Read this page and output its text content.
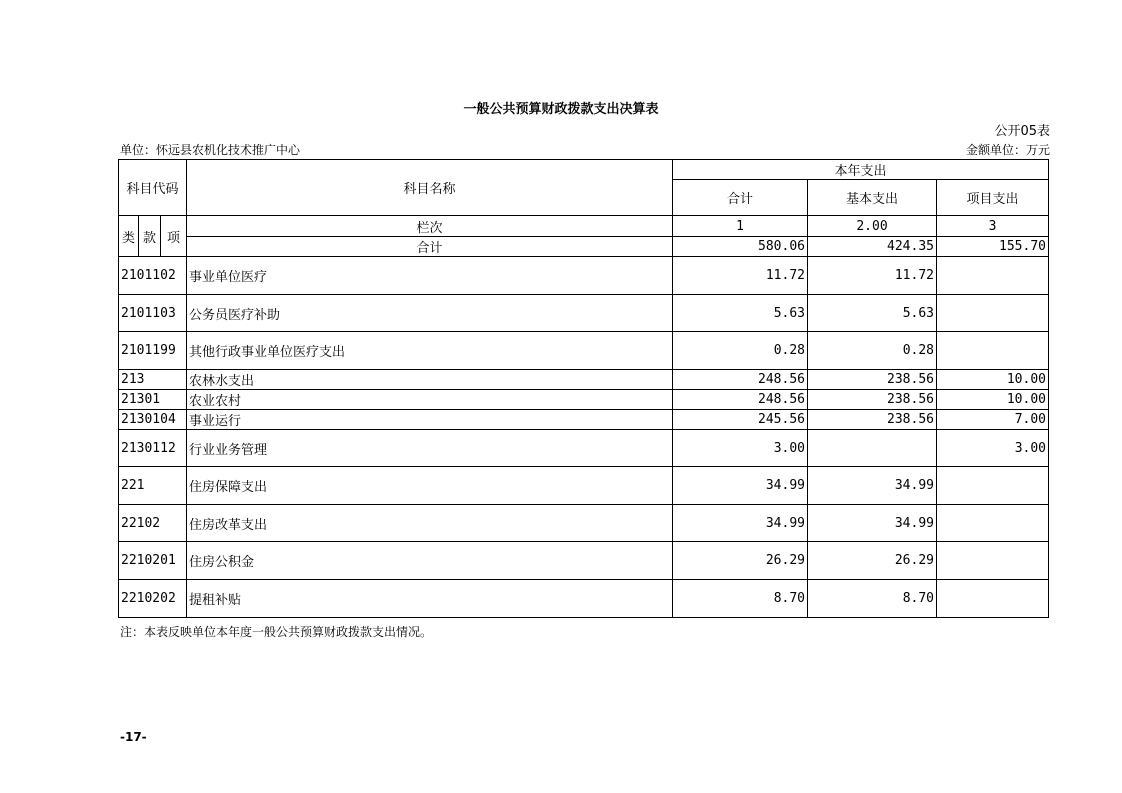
一般公共预算财政拨款支出决算表
公开05表
单位：怀远县农机化技术推广中心	金额单位：万元
科目代码			科目名称	本年支出		
				合计	基本支出	项目支出
类	款	项	栏次	1	2.00	3
			合计	580.06	424.35	155.70
2101102			事业单位医疗	11.72	11.72	
2101103			公务员医疗补助	5.63	5.63	
2101199			其他行政事业单位医疗支出	0.28	0.28	
213			农林水支出	248.56	238.56	10.00
21301			农业农村	248.56	238.56	10.00
2130104			事业运行	245.56	238.56	7.00
2130112			行业业务管理	3.00		3.00
221			住房保障支出	34.99	34.99	
22102			住房改革支出	34.99	34.99	
2210201			住房公积金	26.29	26.29	
2210202			提租补贴	8.70	8.70	
注：本表反映单位本年度一般公共预算财政拨款支出情况。
-17-
